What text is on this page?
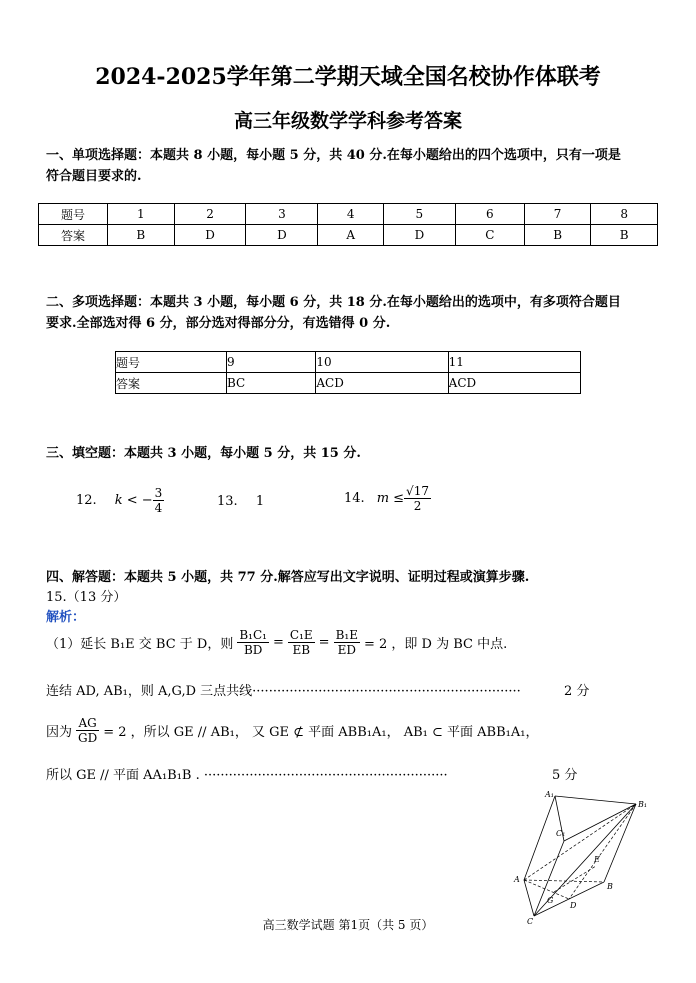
2024-2025学年第二学期天域全国名校协作体联考
高三年级数学学科参考答案
一、单项选择题：本题共 8 小题，每小题 5 分，共 40 分.在每小题给出的四个选项中，只有一项是
符合题目要求的.
题号	1	2	3	4	5	6	7	8
答案	B	D	D	A	D	C	B	B
二、多项选择题：本题共 3 小题，每小题 6 分，共 18 分.在每小题给出的选项中，有多项符合题目
要求.全部选对得 6 分，部分选对得部分分，有选错得 0 分.
题号	9	10	11
答案	BC	ACD	ACD
三、填空题：本题共 3 小题，每小题 5 分，共 15 分.
12. k < − $\frac{3}{4}$	13. 1	14. $m \le \frac{√17}{2}$
四、解答题：本题共 5 小题，共 77 分.解答应写出文字说明、证明过程或演算步骤.
15.（13 分）
解析：
（1）延长 B₁E 交 BC 于 D，则 $\frac{\text{B₁C₁}}{BD} = \frac{\text{C₁E}}{EB} = \frac{\text{B₁E}}{ED} = 2$ ，即 D 为 BC 中点.
连结 AD, AB₁，则 A,G,D 三点共线·································································	2 分
因为 $\frac{AG}{GD} = 2$ ，所以 GE // AB₁， 又 GE ⊄ 平面 ABB₁A₁， AB₁ ⊂ 平面 ABB₁A₁，
所以 GE // 平面 AA₁B₁B . ···························································	5 分
A₁
B₁
C₁
E
A
G
B
D
C
高三数学试题 第1页（共 5 页）
